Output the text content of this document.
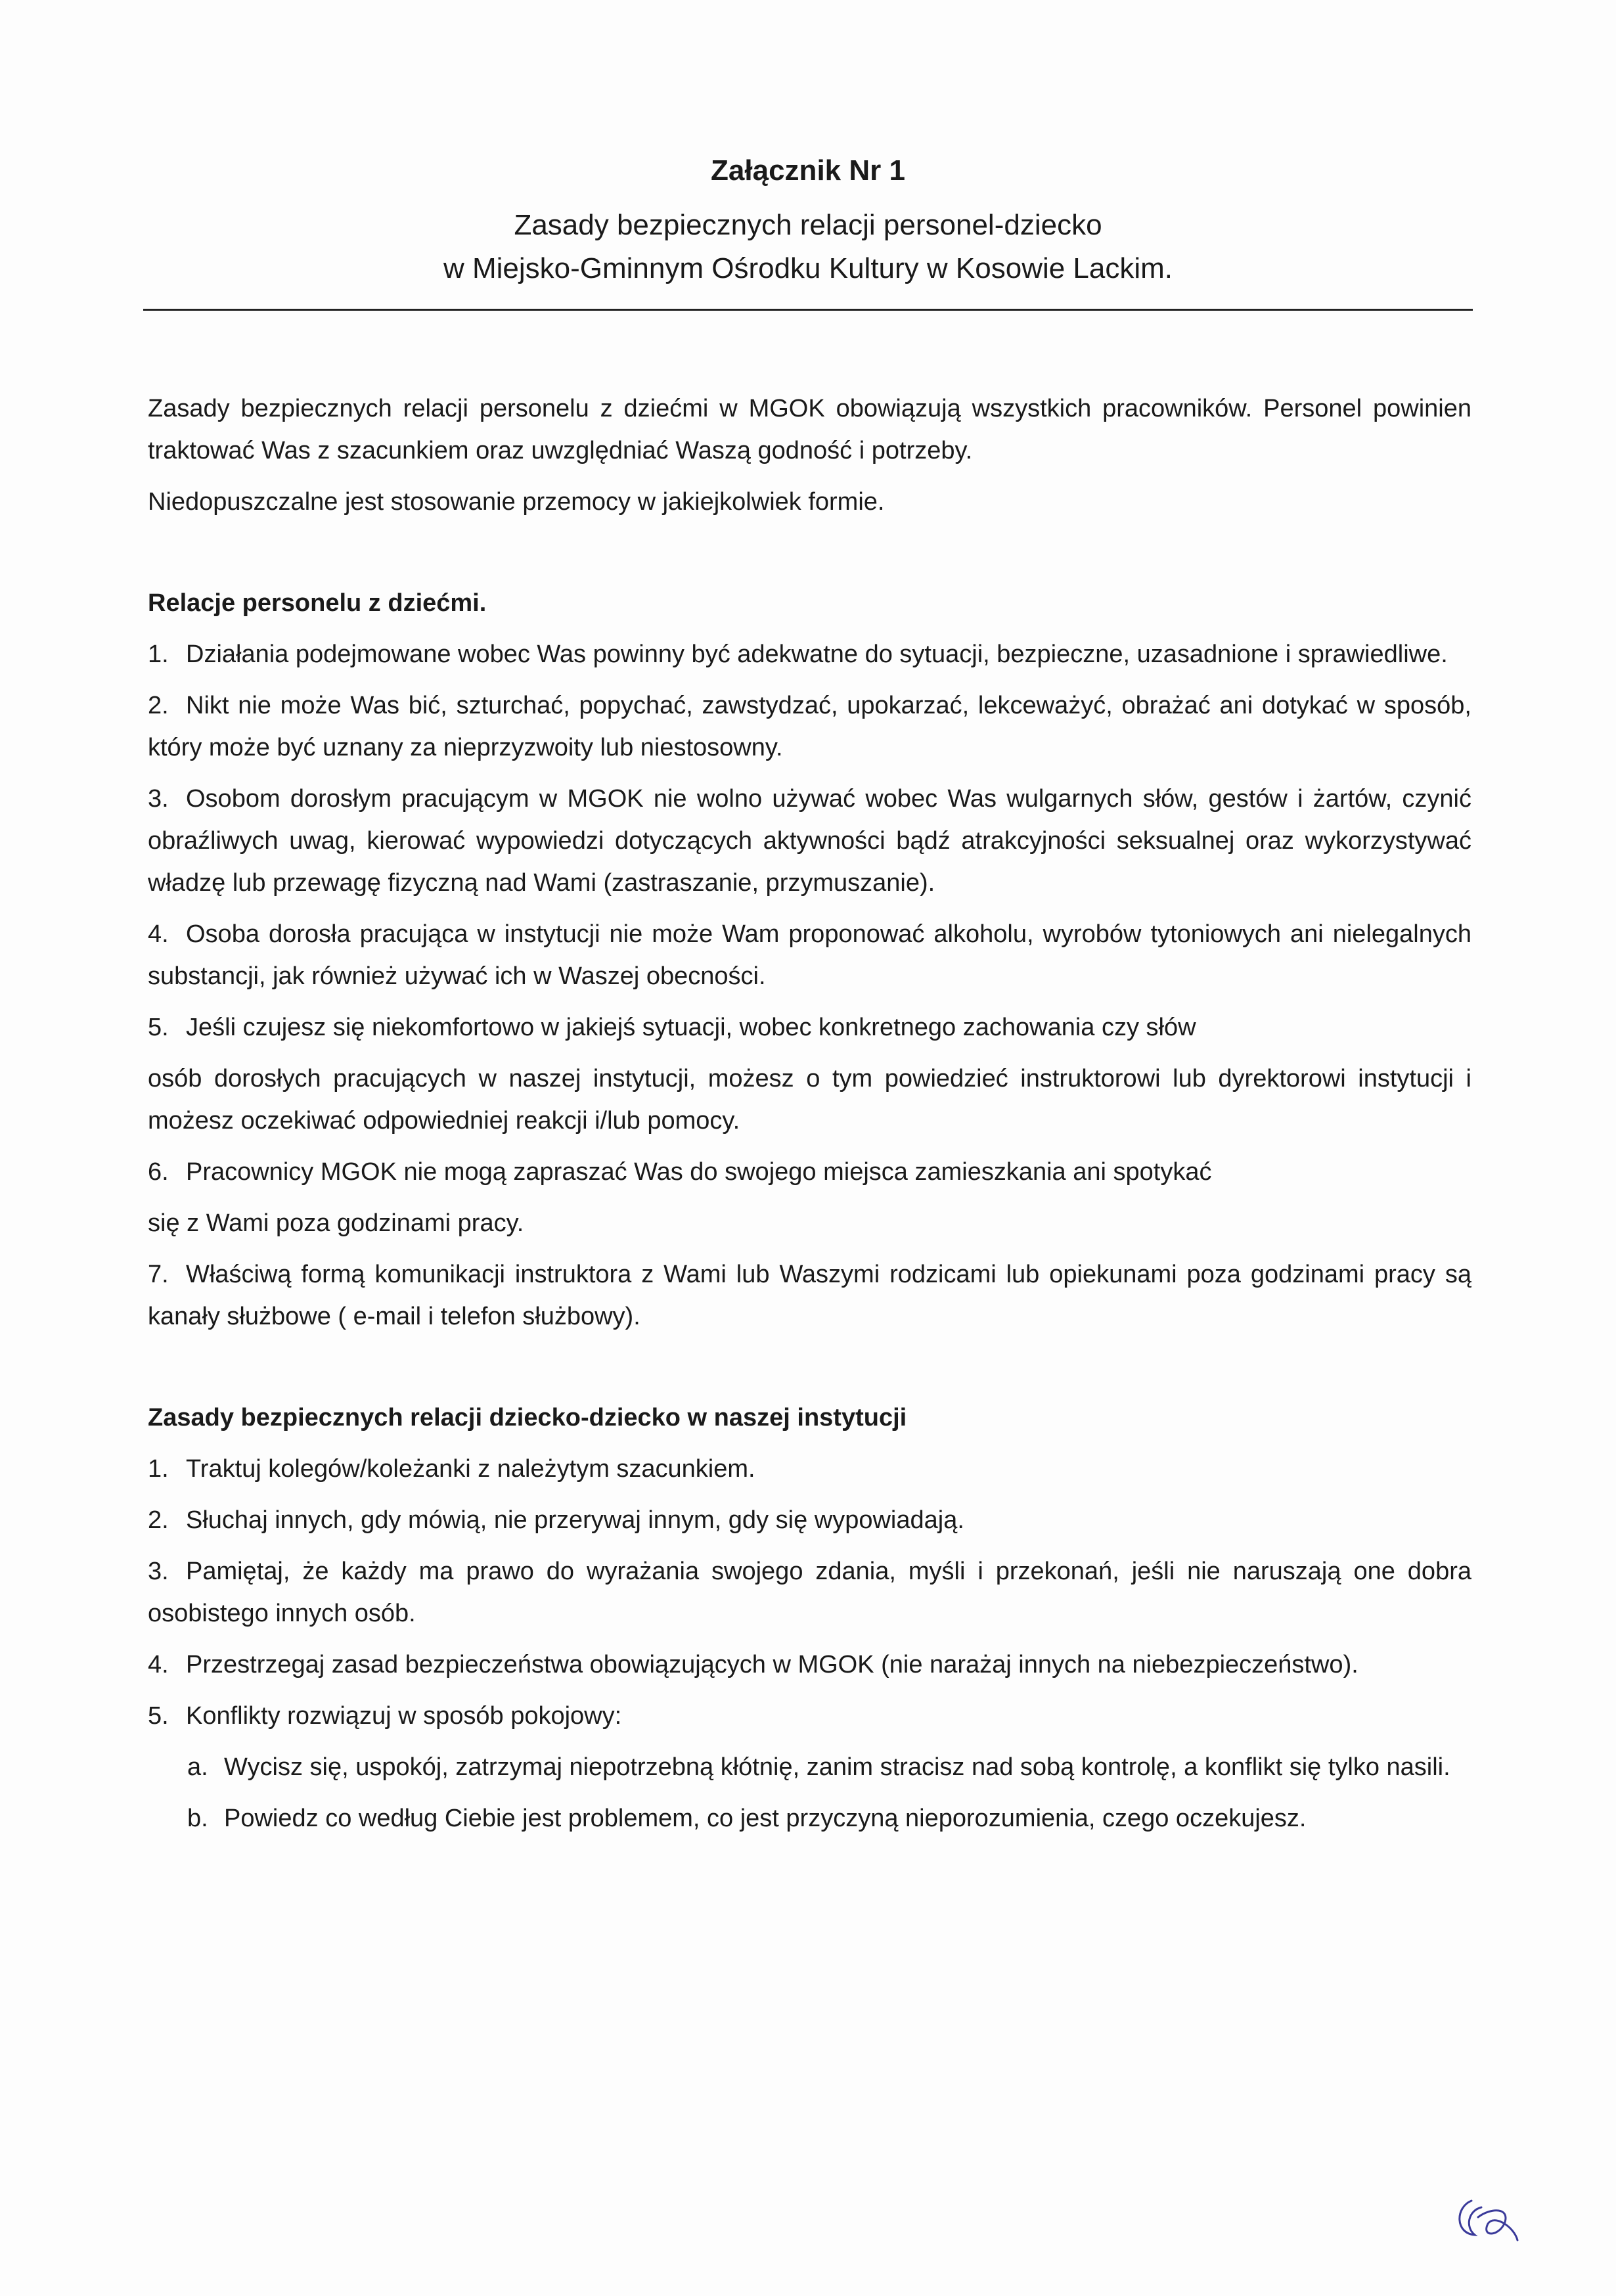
Załącznik Nr 1

Zasady bezpiecznych relacji personel-dziecko
w Miejsko-Gminnym Ośrodku Kultury w Kosowie Lackim.

Zasady bezpiecznych relacji personelu z dziećmi w MGOK obowiązują wszystkich pracowników. Personel powinien traktować Was z szacunkiem oraz uwzględniać Waszą godność i potrzeby.

Niedopuszczalne jest stosowanie przemocy w jakiejkolwiek formie.

Relacje personelu z dziećmi.

1. Działania podejmowane wobec Was powinny być adekwatne do sytuacji, bezpieczne, uzasadnione i sprawiedliwe.

2. Nikt nie może Was bić, szturchać, popychać, zawstydzać, upokarzać, lekceważyć, obrażać ani dotykać w sposób, który może być uznany za nieprzyzwoity lub niestosowny.

3. Osobom dorosłym pracującym w MGOK nie wolno używać wobec Was wulgarnych słów, gestów i żartów, czynić obraźliwych uwag, kierować wypowiedzi dotyczących aktywności bądź atrakcyjności seksualnej oraz wykorzystywać władzę lub przewagę fizyczną nad Wami (zastraszanie, przymuszanie).

4. Osoba dorosła pracująca w instytucji nie może Wam proponować alkoholu, wyrobów tytoniowych ani nielegalnych substancji, jak również używać ich w Waszej obecności.

5. Jeśli czujesz się niekomfortowo w jakiejś sytuacji, wobec konkretnego zachowania czy słów

osób dorosłych pracujących w naszej instytucji, możesz o tym powiedzieć instruktorowi lub dyrektorowi instytucji i możesz oczekiwać odpowiedniej reakcji i/lub pomocy.

6. Pracownicy MGOK nie mogą zapraszać Was do swojego miejsca zamieszkania ani spotykać

się z Wami poza godzinami pracy.

7. Właściwą formą komunikacji instruktora z Wami lub Waszymi rodzicami lub opiekunami poza godzinami pracy są kanały służbowe ( e-mail i telefon służbowy).

Zasady bezpiecznych relacji dziecko-dziecko w naszej instytucji

1. Traktuj kolegów/koleżanki z należytym szacunkiem.

2. Słuchaj innych, gdy mówią, nie przerywaj innym, gdy się wypowiadają.

3. Pamiętaj, że każdy ma prawo do wyrażania swojego zdania, myśli i przekonań, jeśli nie naruszają one dobra osobistego innych osób.

4. Przestrzegaj zasad bezpieczeństwa obowiązujących w MGOK (nie narażaj innych na niebezpieczeństwo).

5. Konflikty rozwiązuj w sposób pokojowy:

a. Wycisz się, uspokój, zatrzymaj niepotrzebną kłótnię, zanim stracisz nad sobą kontrolę, a konflikt się tylko nasili.

b. Powiedz co według Ciebie jest problemem, co jest przyczyną nieporozumienia, czego oczekujesz.
